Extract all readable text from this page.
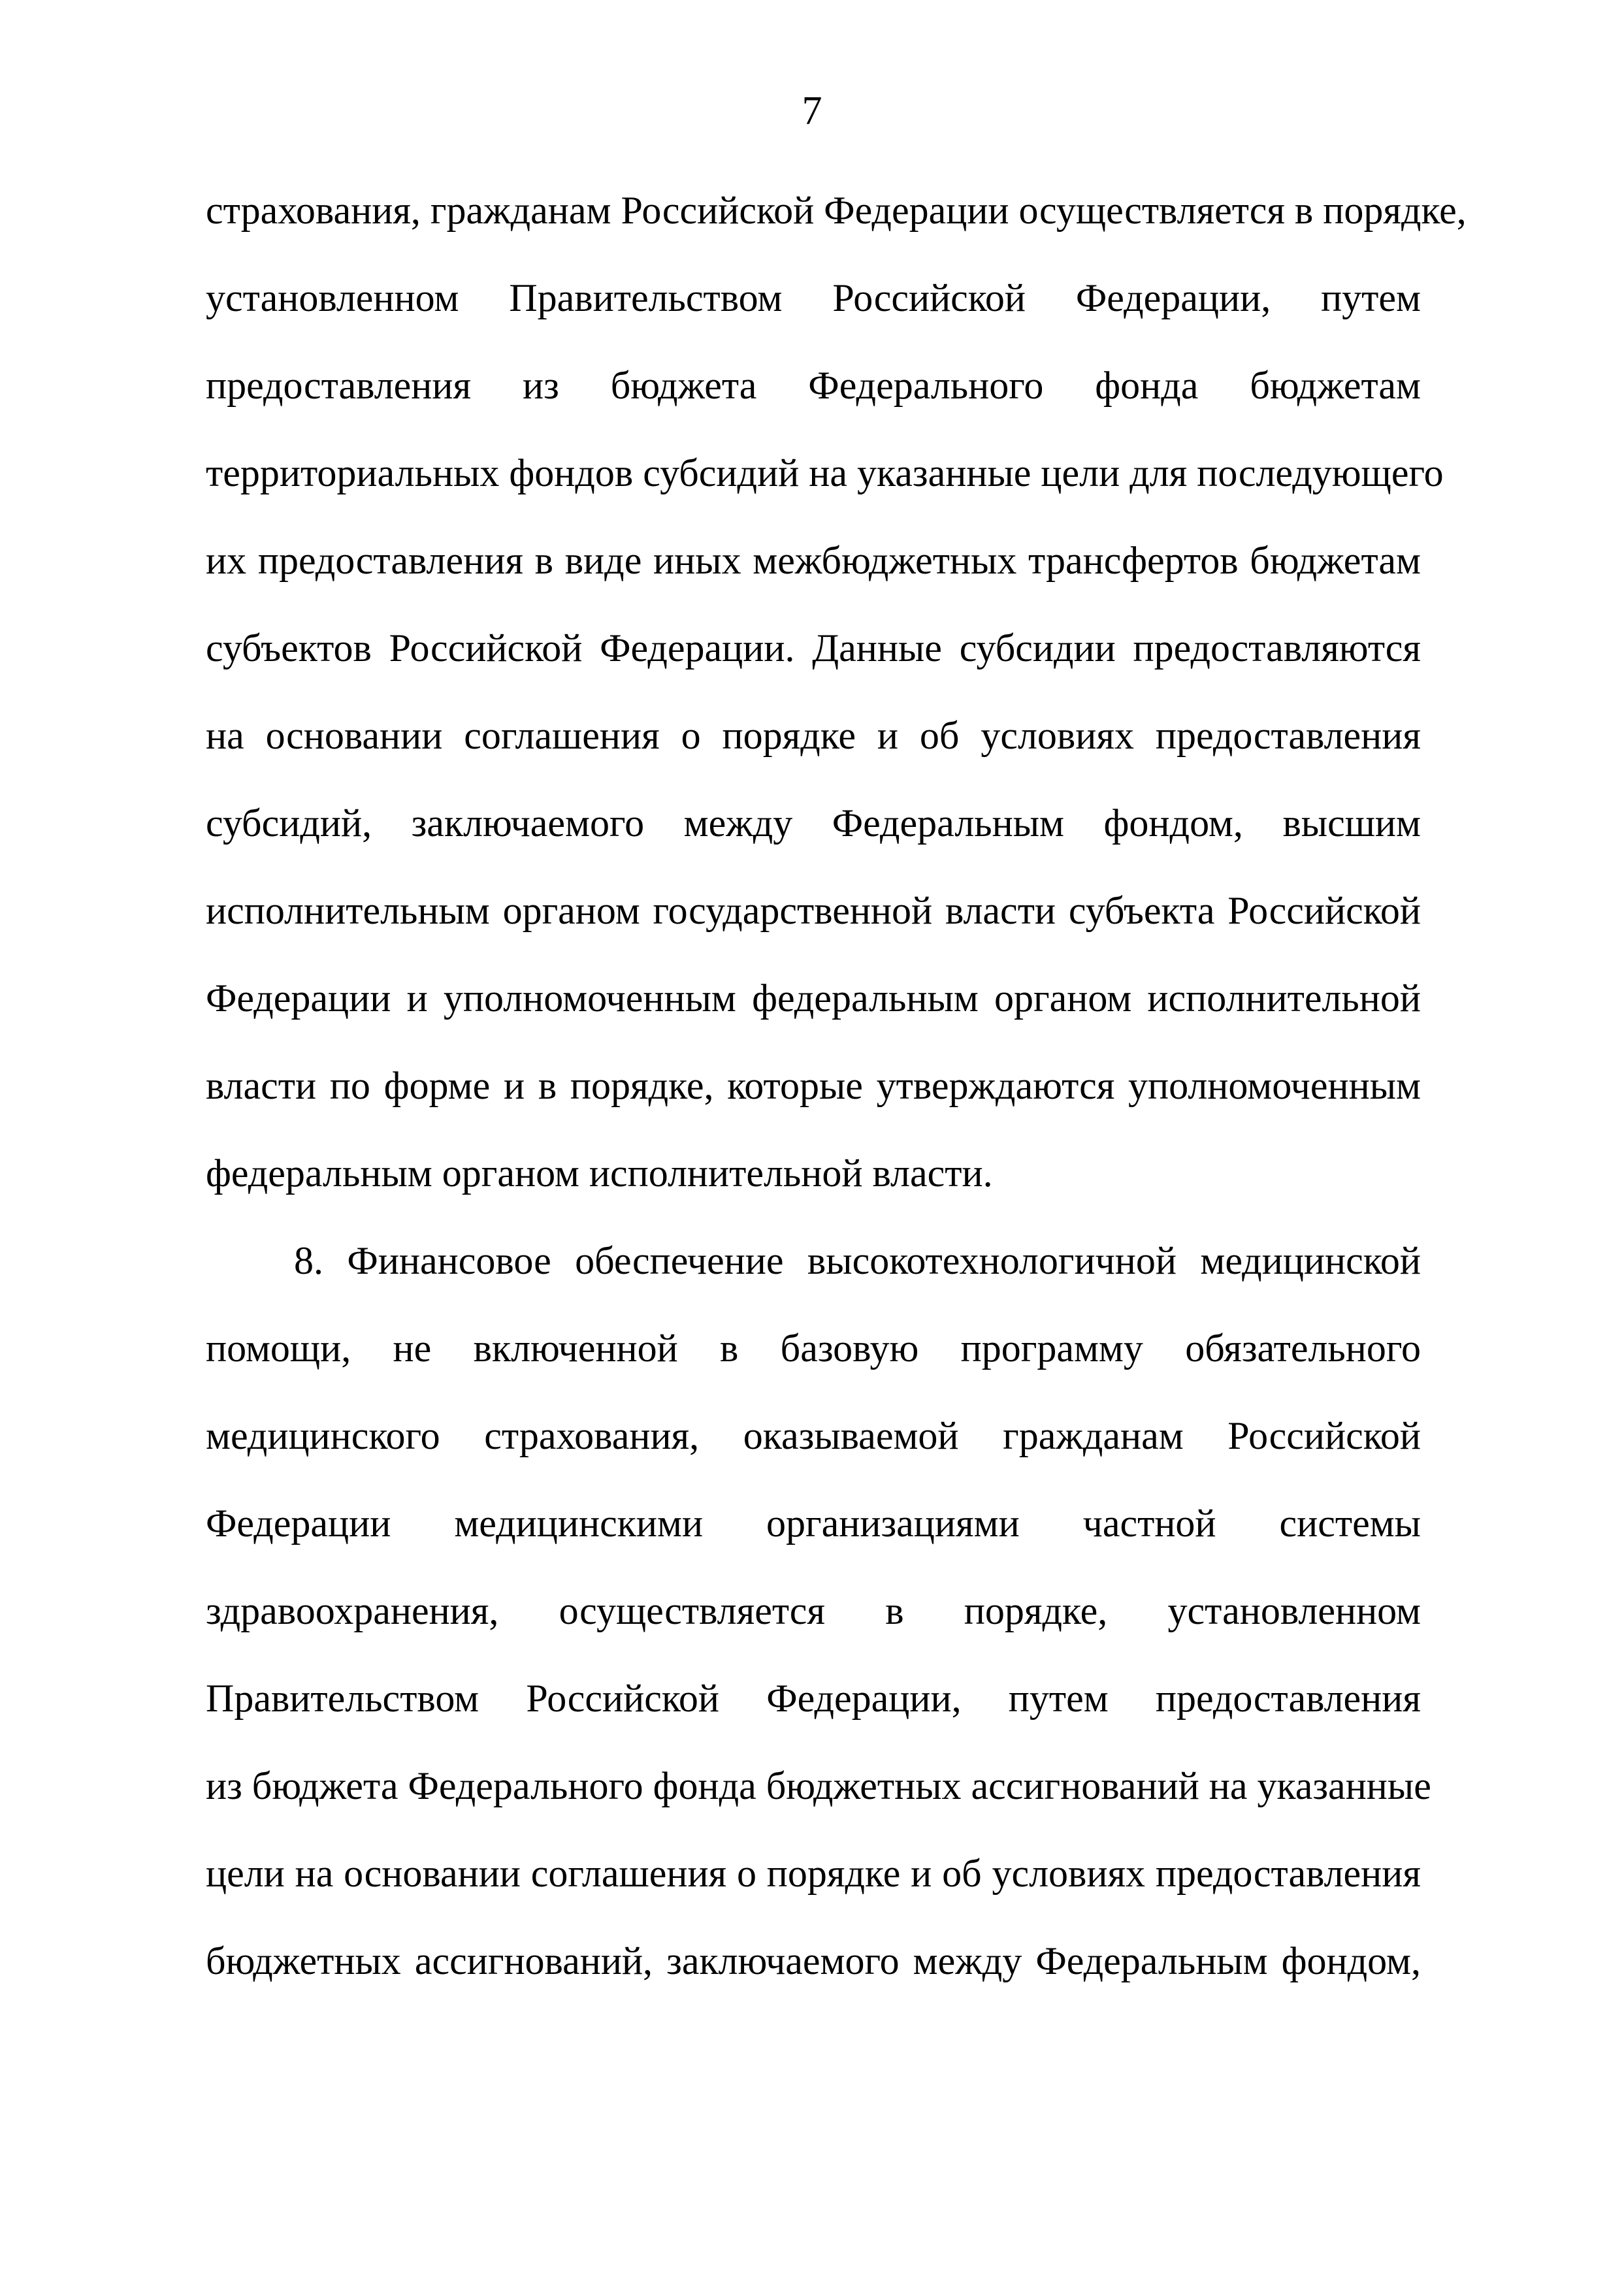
7
страхования, гражданам Российской Федерации осуществляется в порядке,
установленном Правительством Российской Федерации, путем
предоставления из бюджета Федерального фонда бюджетам
территориальных фондов субсидий на указанные цели для последующего
их предоставления в виде иных межбюджетных трансфертов бюджетам
субъектов Российской Федерации. Данные субсидии предоставляются
на основании соглашения о порядке и об условиях предоставления
субсидий, заключаемого между Федеральным фондом, высшим
исполнительным органом государственной власти субъекта Российской
Федерации и уполномоченным федеральным органом исполнительной
власти по форме и в порядке, которые утверждаются уполномоченным
федеральным органом исполнительной власти.
8. Финансовое обеспечение высокотехнологичной медицинской
помощи, не включенной в базовую программу обязательного
медицинского страхования, оказываемой гражданам Российской
Федерации медицинскими организациями частной системы
здравоохранения, осуществляется в порядке, установленном
Правительством Российской Федерации, путем предоставления
из бюджета Федерального фонда бюджетных ассигнований на указанные
цели на основании соглашения о порядке и об условиях предоставления
бюджетных ассигнований, заключаемого между Федеральным фондом,
